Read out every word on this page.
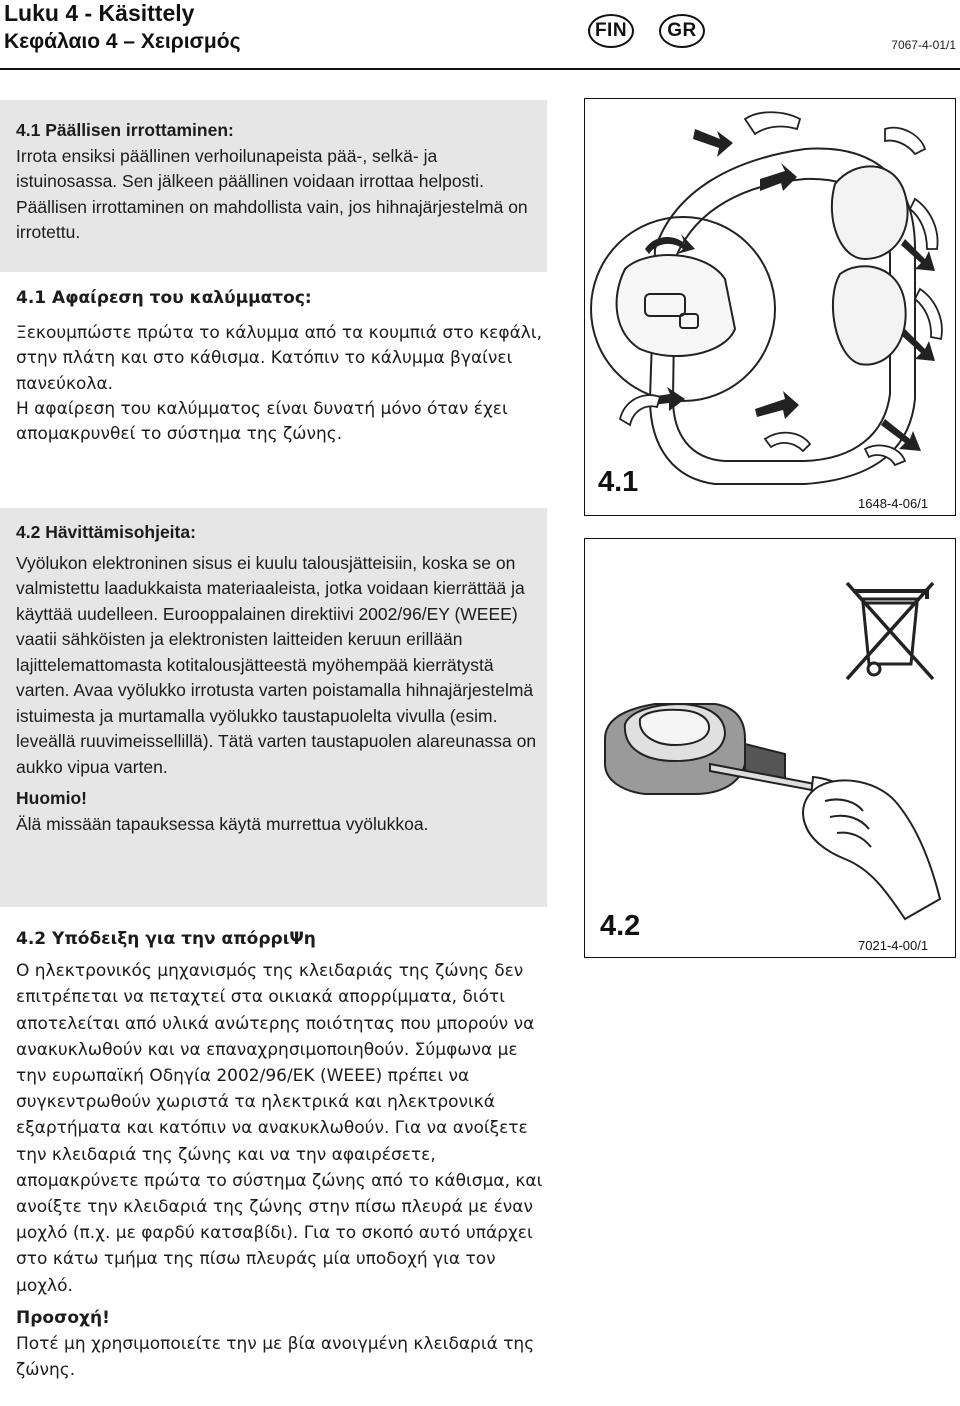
Luku 4 - Käsittely
Κεφάλαιο 4 – Χειρισμός	FIN	GR
7067-4-01/1

4.1 Päällisen irrottaminen:

Irrota ensiksi päällinen verhoilunapeista pää-, selkä- ja istuinosassa. Sen jälkeen päällinen voidaan irrottaa helposti. Päällisen irrottaminen on mahdollista vain, jos hihnajärjestelmä on irrotettu.

4.1 Αφαίρεση του καλύμματος:

Ξεκουμπώστε πρώτα το κάλυμμα από τα κουμπιά στο κεφάλι, στην πλάτη και στο κάθισμα. Κατόπιν το κάλυμμα βγαίνει πανεύκολα.

Η αφαίρεση του καλύμματος είναι δυνατή μόνο όταν έχει απομακρυνθεί το σύστημα της ζώνης.

4.2 Hävittämisohjeita:

Vyölukon elektroninen sisus ei kuulu talousjätteisiin, koska se on valmistettu laadukkaista materiaaleista, jotka voidaan kierrättää ja käyttää uudelleen. Eurooppalainen direktiivi 2002/96/EY (WEEE) vaatii sähköisten ja elektronisten laitteiden keruun erillään lajittelemattomasta kotitalousjätteestä myöhempää kierrätystä varten. Avaa vyölukko irrotusta varten poistamalla hihnajärjestelmä istuimesta ja murtamalla vyölukko taustapuolelta vivulla (esim. leveällä ruuvimeissellillä). Tätä varten taustapuolen alareunassa on aukko vipua varten.

Huomio!

Älä missään tapauksessa käytä murrettua vyölukkoa.

4.2 Υπόδειξη για την απόρριΨη

Ο ηλεκτρονικός μηχανισμός της κλειδαριάς της ζώνης δεν επιτρέπεται να πεταχτεί στα οικιακά απορρίμματα, διότι αποτελείται από υλικά ανώτερης ποιότητας που μπορούν να ανακυκλωθούν και να επαναχρησιμοποιηθούν. Σύμφωνα με την ευρωπαϊκή Οδηγία 2002/96/ΕΚ (WEEE) πρέπει να συγκεντρωθούν χωριστά τα ηλεκτρικά και ηλεκτρονικά εξαρτήματα και κατόπιν να ανακυκλωθούν. Για να ανοίξετε την κλειδαριά της ζώνης και να την αφαιρέσετε, απομακρύνετε πρώτα το σύστημα ζώνης από το κάθισμα, και ανοίξτε την κλειδαριά της ζώνης στην πίσω πλευρά με έναν μοχλό (π.χ. με φαρδύ κατσαβίδι). Για το σκοπό αυτό υπάρχει στο κάτω τμήμα της πίσω πλευράς μία υποδοχή για τον μοχλό.

Προσοχή!

Ποτέ μη χρησιμοποιείτε την με βία ανοιγμένη κλειδαριά της ζώνης.

4.1
1648-4-06/1
4.2
7021-4-00/1
